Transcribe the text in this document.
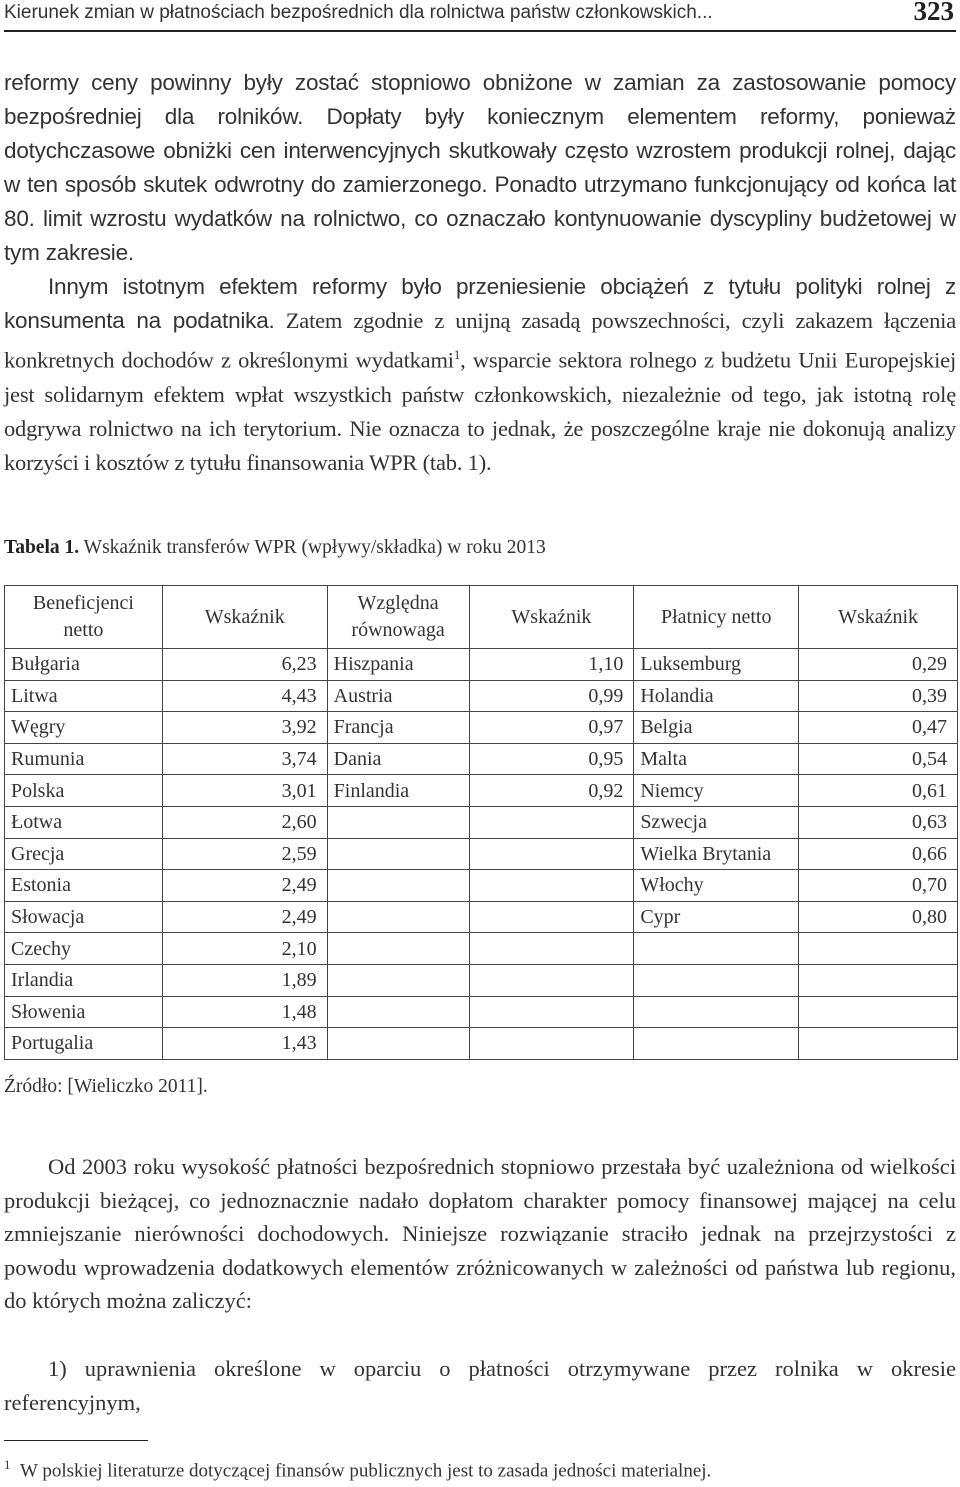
Kierunek zmian w płatnościach bezpośrednich dla rolnictwa państw członkowskich...	323

reformy ceny powinny były zostać stopniowo obniżone w zamian za zastosowanie pomocy bezpośredniej dla rolników. Dopłaty były koniecznym elementem reformy, ponieważ dotychczasowe obniżki cen interwencyjnych skutkowały często wzrostem produkcji rolnej, dając w ten sposób skutek odwrotny do zamierzonego. Ponadto utrzymano funkcjonujący od końca lat 80. limit wzrostu wydatków na rolnictwo, co oznaczało kontynuowanie dyscypliny budżetowej w tym zakresie.

Innym istotnym efektem reformy było przeniesienie obciążeń z tytułu polityki rolnej z konsumenta na podatnika. Zatem zgodnie z unijną zasadą powszechności, czyli zakazem łączenia konkretnych dochodów z określonymi wydatkami$^1$, wsparcie sektora rolnego z budżetu Unii Europejskiej jest solidarnym efektem wpłat wszystkich państw członkowskich, niezależnie od tego, jak istotną rolę odgrywa rolnictwo na ich terytorium. Nie oznacza to jednak, że poszczególne kraje nie dokonują analizy korzyści i kosztów z tytułu finansowania WPR (tab. 1).

Tabela 1. Wskaźnik transferów WPR (wpływy/składka) w roku 2013
Beneficjenci netto	Wskaźnik	Względna równowaga	Wskaźnik	Płatnicy netto	Wskaźnik
Bułgaria	6,23	Hiszpania	1,10	Luksemburg	0,29
Litwa	4,43	Austria	0,99	Holandia	0,39
Węgry	3,92	Francja	0,97	Belgia	0,47
Rumunia	3,74	Dania	0,95	Malta	0,54
Polska	3,01	Finlandia	0,92	Niemcy	0,61
Łotwa	2,60			Szwecja	0,63
Grecja	2,59			Wielka Brytania	0,66
Estonia	2,49			Włochy	0,70
Słowacja	2,49			Cypr	0,80
Czechy	2,10				
Irlandia	1,89				
Słowenia	1,48				
Portugalia	1,43				
Źródło: [Wieliczko 2011].

Od 2003 roku wysokość płatności bezpośrednich stopniowo przestała być uzależniona od wielkości produkcji bieżącej, co jednoznacznie nadało dopłatom charakter pomocy finansowej mającej na celu zmniejszanie nierówności dochodowych. Niniejsze rozwiązanie straciło jednak na przejrzystości z powodu wprowadzenia dodatkowych elementów zróżnicowanych w zależności od państwa lub regionu, do których można zaliczyć:

1) uprawnienia określone w oparciu o płatności otrzymywane przez rolnika w okresie referencyjnym,

$^1$ W polskiej literaturze dotyczącej finansów publicznych jest to zasada jedności materialnej.
